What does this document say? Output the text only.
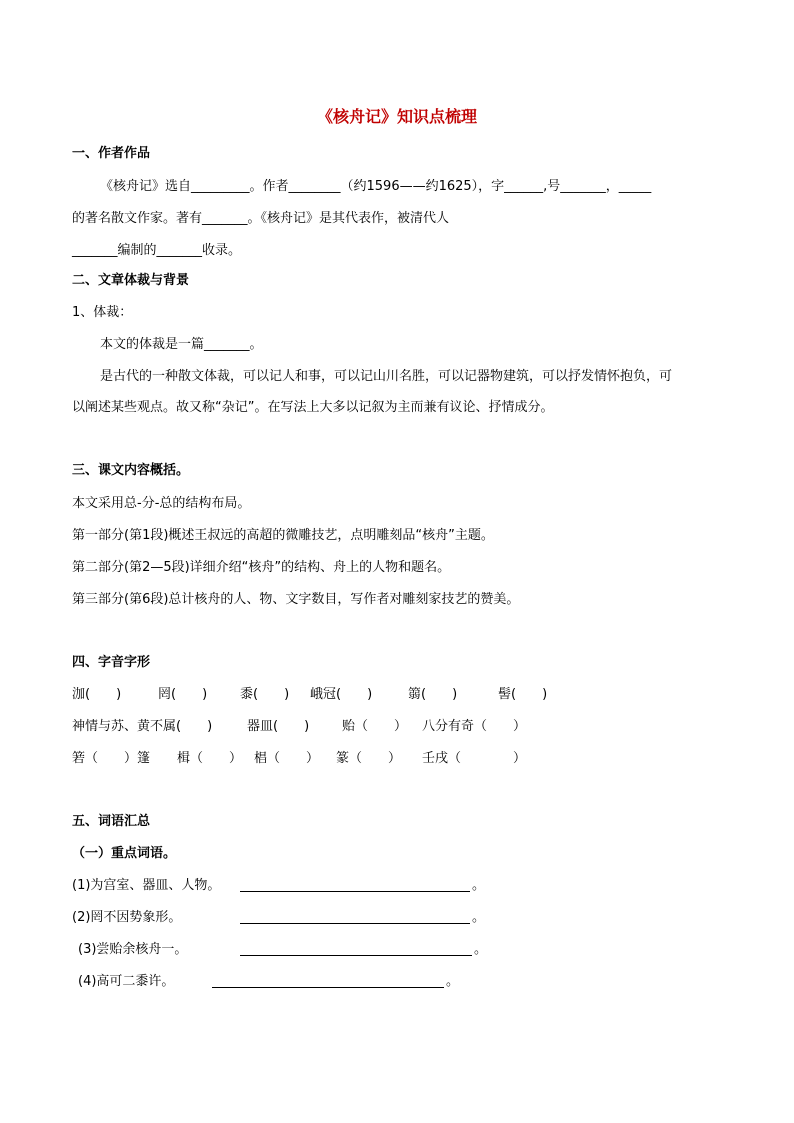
《核舟记》知识点梳理
一、作者作品
《核舟记》选自_________。作者________（约1596——约1625），字______,号_______，_____
的著名散文作家。著有_______。《核舟记》是其代表作，被清代人
_______编制的_______收录。
二、文章体裁与背景
1、体裁：
本文的体裁是一篇_______。
是古代的一种散文体裁，可以记人和事，可以记山川名胜，可以记器物建筑，可以抒发情怀抱负，可
以阐述某些观点。故又称“杂记”。在写法上大多以记叙为主而兼有议论、抒情成分。
三、课文内容概括。
本文采用总-分-总的结构布局。
第一部分(第1段)概述王叔远的高超的微雕技艺，点明雕刻品“核舟”主题。
第二部分(第2—5段)详细介绍“核舟”的结构、舟上的人物和题名。
第三部分(第6段)总计核舟的人、物、文字数目，写作者对雕刻家技艺的赞美。
四、字音字形
泇(　　)	罔(　　)	黍(　　) 峨冠(　　)	篛(　　)	髻(　　)
神情与苏、黄不属(　　)	器皿(　　)	贻（　　） 八分有奇（　　）
箬（　　）篷 楫（　　） 椙（　　） 篆（　　） 壬戌（　　　　）
五、词语汇总
（一）重点词语。
(1)为宫室、器皿、人物。	。
(2)罔不因势象形。	。
(3)尝贻余核舟一。	。
(4)高可二黍许。	。
